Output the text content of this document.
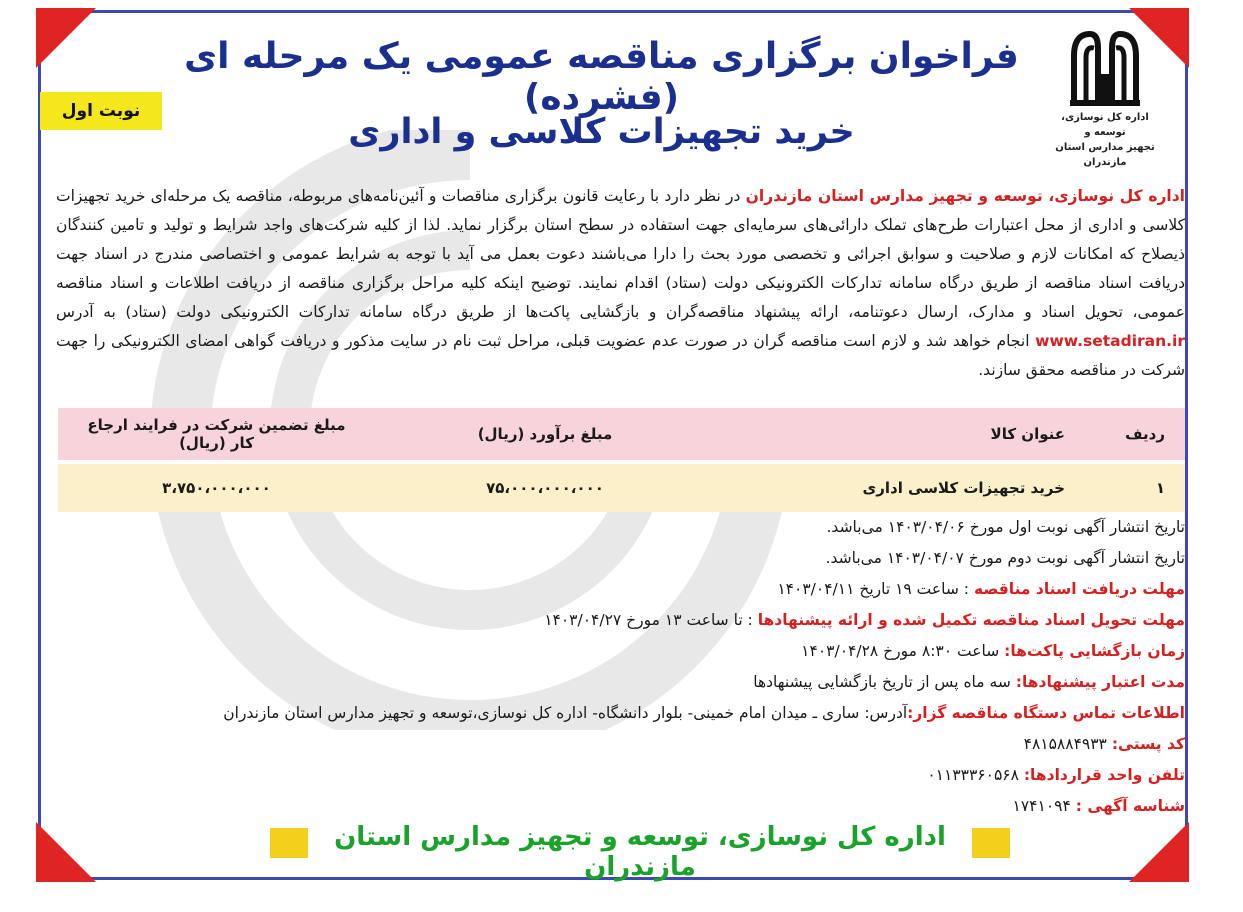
اداره کل نوسازی، توسعه و
تجهیز مدارس استان مازندران
نوبت اول
فراخوان برگزاری مناقصه عمومی یک مرحله ای (فشرده)
خرید تجهیزات کلاسی و اداری
اداره کل نوسازی، توسعه و تجهیز مدارس استان مازندران در نظر دارد با رعایت قانون برگزاری مناقصات و آئین‌نامه‌های مربوطه، مناقصه یک مرحله‌ای خرید تجهیزات کلاسی و اداری از محل اعتبارات طرح‌های تملک دارائی‌های سرمایه‌ای جهت استفاده در سطح استان برگزار نماید. لذا از کلیه شرکت‌های واجد شرایط و تولید و تامین کنندگان ذیصلاح که امکانات لازم و صلاحیت و سوابق اجرائی و تخصصی مورد بحث را دارا می‌باشند دعوت بعمل می آید با توجه به شرایط عمومی و اختصاصی مندرج در اسناد جهت دریافت اسناد مناقصه از طریق درگاه سامانه تدارکات الکترونیکی دولت (ستاد) اقدام نمایند. توضیح اینکه کلیه مراحل برگزاری مناقصه از دریافت اطلاعات و اسناد مناقصه عمومی، تحویل اسناد و مدارک، ارسال دعوتنامه، ارائه پیشنهاد مناقصه‌گران و بازگشایی پاکت‌ها از طریق درگاه سامانه تدارکات الکترونیکی دولت (ستاد) به آدرس www.setadiran.ir انجام خواهد شد و لازم است مناقصه گران در صورت عدم عضویت قبلی، مراحل ثبت نام در سایت مذکور و دریافت گواهی امضای الکترونیکی را جهت شرکت در مناقصه محقق سازند.
ردیف	عنوان کالا	مبلغ برآورد (ریال)	مبلغ تضمین شرکت در فرایند ارجاع کار (ریال)
۱	خرید تجهیزات کلاسی اداری	۷۵،۰۰۰،۰۰۰،۰۰۰	۳،۷۵۰،۰۰۰،۰۰۰
تاریخ انتشار آگهی نوبت اول مورخ ۱۴۰۳/۰۴/۰۶ می‌باشد.
تاریخ انتشار آگهی نوبت دوم مورخ ۱۴۰۳/۰۴/۰۷ می‌باشد.
مهلت دریافت اسناد مناقصه : ساعت ۱۹ تاریخ ۱۴۰۳/۰۴/۱۱
مهلت تحویل اسناد مناقصه تکمیل شده و ارائه پیشنهادها : تا ساعت ۱۳ مورخ ۱۴۰۳/۰۴/۲۷
زمان بازگشایی پاکت‌ها: ساعت ۸:۳۰ مورخ ۱۴۰۳/۰۴/۲۸
مدت اعتبار پیشنهادها: سه ماه پس از تاریخ بازگشایی پیشنهادها
اطلاعات تماس دستگاه مناقصه گزار:آدرس: ساری ـ میدان امام خمینی- بلوار دانشگاه- اداره کل نوسازی،توسعه و تجهیز مدارس استان مازندران
کد پستی: ۴۸۱۵۸۸۴۹۳۳
تلفن واحد قراردادها: ۰۱۱۳۳۳۶۰۵۶۸
شناسه آگهی : ۱۷۴۱۰۹۴
اداره کل نوسازی، توسعه و تجهیز مدارس استان مازندران
